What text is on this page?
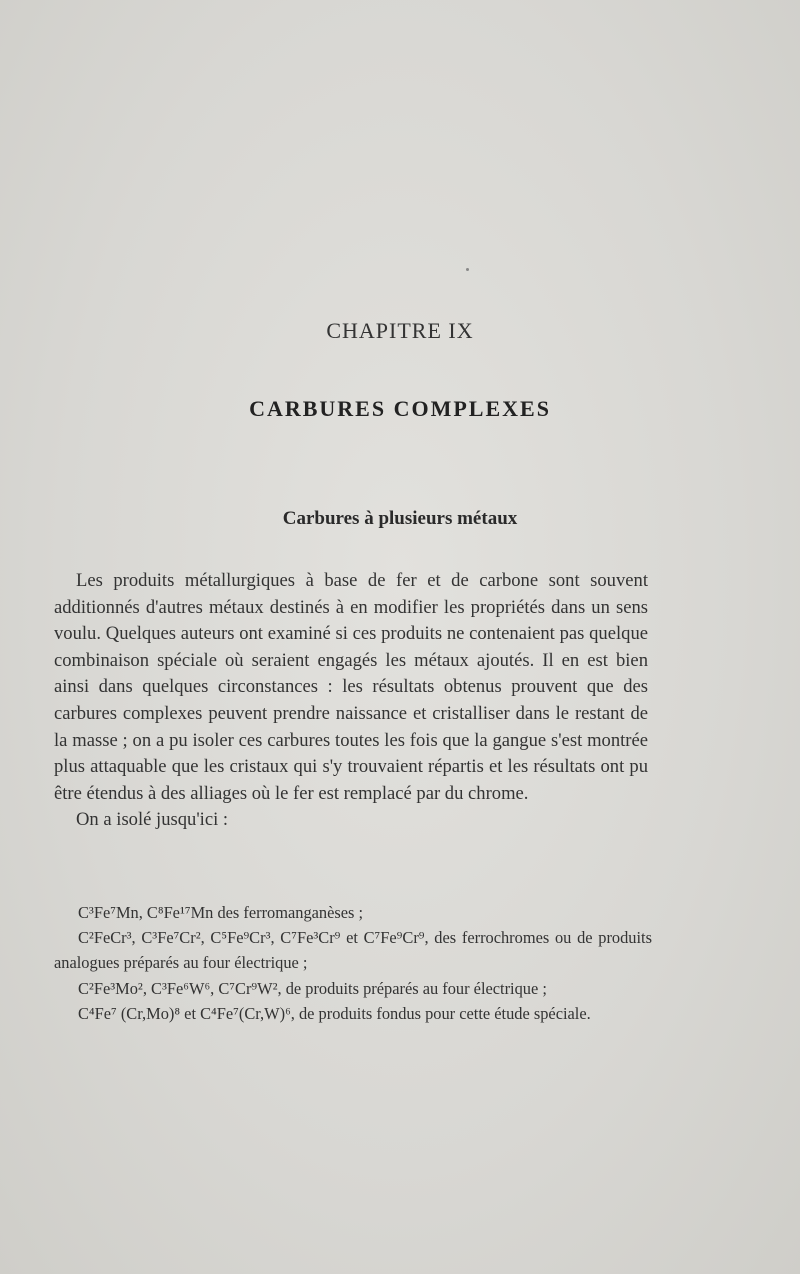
CHAPITRE IX
CARBURES COMPLEXES
Carbures à plusieurs métaux

Les produits métallurgiques à base de fer et de carbone sont souvent additionnés d'autres métaux destinés à en modifier les propriétés dans un sens voulu. Quelques auteurs ont examiné si ces produits ne contenaient pas quelque combinaison spéciale où seraient engagés les métaux ajoutés. Il en est bien ainsi dans quelques circonstances : les résultats obtenus prouvent que des carbures complexes peuvent prendre naissance et cristalliser dans le restant de la masse ; on a pu isoler ces carbures toutes les fois que la gangue s'est montrée plus attaquable que les cristaux qui s'y trouvaient répartis et les résultats ont pu être étendus à des alliages où le fer est remplacé par du chrome.

On a isolé jusqu'ici :

C³Fe⁷Mn, C⁸Fe¹⁷Mn des ferromanganèses ;

C²FeCr³, C³Fe⁷Cr², C⁵Fe⁹Cr³, C⁷Fe³Cr⁹ et C⁷Fe⁹Cr⁹, des ferrochromes ou de produits analogues préparés au four électrique ;

C²Fe³Mo², C³Fe⁶W⁶, C⁷Cr⁹W², de produits préparés au four électrique ;

C⁴Fe⁷ (Cr,Mo)⁸ et C⁴Fe⁷(Cr,W)⁶, de produits fondus pour cette étude spéciale.
